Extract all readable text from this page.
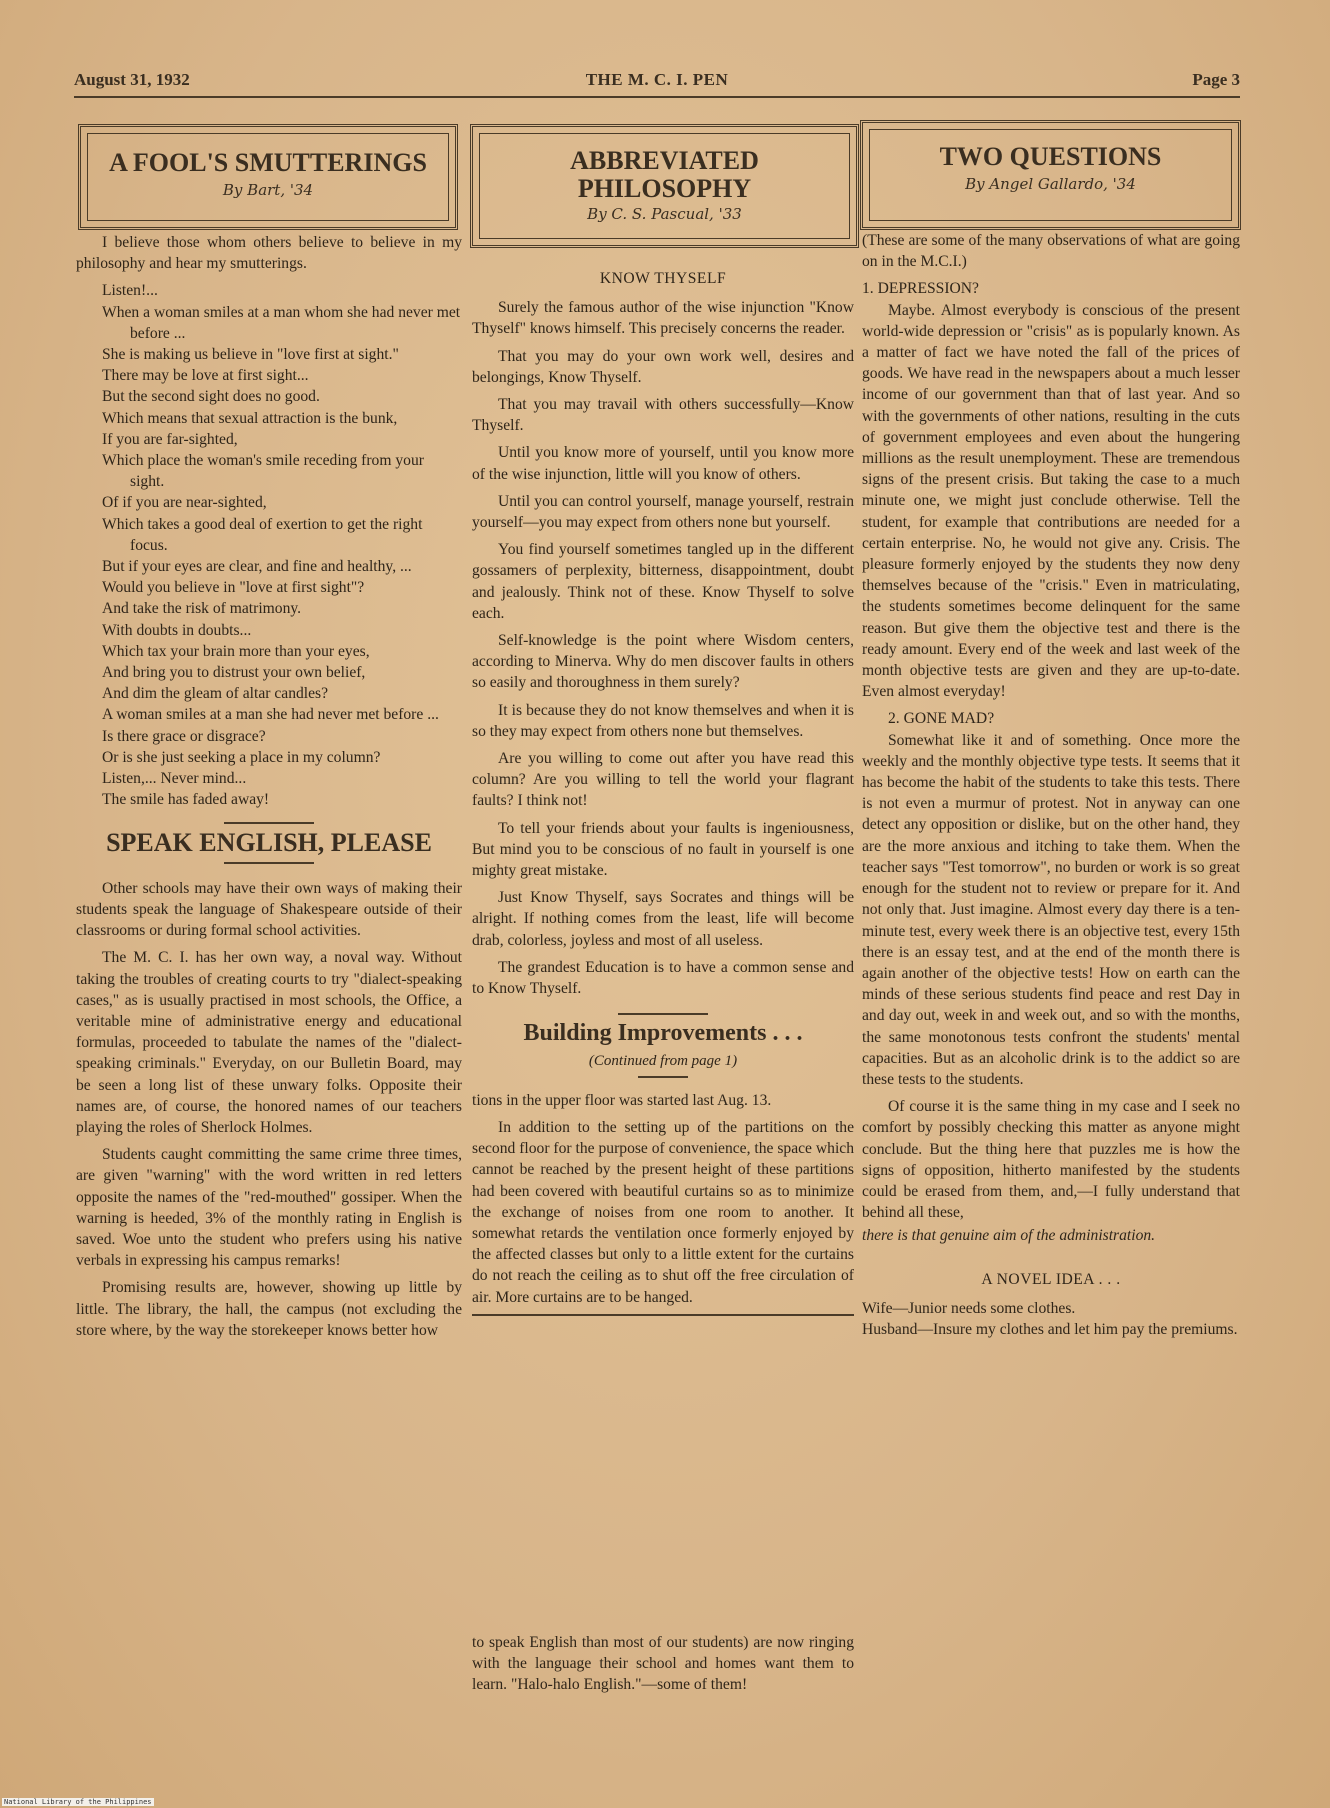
August 31, 1932	THE M. C. I. PEN	Page 3
A FOOL'S SMUTTERINGS
By Bart, '34

I believe those whom others believe to believe in my philosophy and hear my smutterings.

Listen!...

When a woman smiles at a man whom she had never met before ...

She is making us believe in "love first at sight."

There may be love at first sight...

But the second sight does no good.

Which means that sexual attraction is the bunk,

If you are far-sighted,

Which place the woman's smile receding from your sight.

Of if you are near-sighted,

Which takes a good deal of exertion to get the right focus.

But if your eyes are clear, and fine and healthy, ...

Would you believe in "love at first sight"?

And take the risk of matrimony.

With doubts in doubts...

Which tax your brain more than your eyes,

And bring you to distrust your own belief,

And dim the gleam of altar candles?

A woman smiles at a man she had never met before ...

Is there grace or disgrace?

Or is she just seeking a place in my column?

Listen,... Never mind...

The smile has faded away!

SPEAK ENGLISH, PLEASE

Other schools may have their own ways of making their students speak the language of Shakespeare outside of their classrooms or during formal school activities.

The M. C. I. has her own way, a noval way. Without taking the troubles of creating courts to try "dialect-speaking cases," as is usually practised in most schools, the Office, a veritable mine of administrative energy and educational formulas, proceeded to tabulate the names of the "dialect-speaking criminals." Everyday, on our Bulletin Board, may be seen a long list of these unwary folks. Opposite their names are, of course, the honored names of our teachers playing the roles of Sherlock Holmes.

Students caught committing the same crime three times, are given "warning" with the word written in red letters opposite the names of the "red-mouthed" gossiper. When the warning is heeded, 3% of the monthly rating in English is saved. Woe unto the student who prefers using his native verbals in expressing his campus remarks!

Promising results are, however, showing up little by little. The library, the hall, the campus (not excluding the store where, by the way the storekeeper knows better how

ABBREVIATED
PHILOSOPHY
By C. S. Pascual, '33
KNOW THYSELF

Surely the famous author of the wise injunction "Know Thyself" knows himself. This precisely concerns the reader.

That you may do your own work well, desires and belongings, Know Thyself.

That you may travail with others successfully—Know Thyself.

Until you know more of yourself, until you know more of the wise injunction, little will you know of others.

Until you can control yourself, manage yourself, restrain yourself—you may expect from others none but yourself.

You find yourself sometimes tangled up in the different gossamers of perplexity, bitterness, disappointment, doubt and jealously. Think not of these. Know Thyself to solve each.

Self-knowledge is the point where Wisdom centers, according to Minerva. Why do men discover faults in others so easily and thoroughness in them surely?

It is because they do not know themselves and when it is so they may expect from others none but themselves.

Are you willing to come out after you have read this column? Are you willing to tell the world your flagrant faults? I think not!

To tell your friends about your faults is ingeniousness, But mind you to be conscious of no fault in yourself is one mighty great mistake.

Just Know Thyself, says Socrates and things will be alright. If nothing comes from the least, life will become drab, colorless, joyless and most of all useless.

The grandest Education is to have a common sense and to Know Thyself.

Building Improvements . . .
(Continued from page 1)

tions in the upper floor was started last Aug. 13.

In addition to the setting up of the partitions on the second floor for the purpose of convenience, the space which cannot be reached by the present height of these partitions had been covered with beautiful curtains so as to minimize the exchange of noises from one room to another. It somewhat retards the ventilation once formerly enjoyed by the affected classes but only to a little extent for the curtains do not reach the ceiling as to shut off the free circulation of air. More curtains are to be hanged.

to speak English than most of our students) are now ringing with the language their school and homes want them to learn. "Halo-halo English."—some of them!

TWO QUESTIONS
By Angel Gallardo, '34

(These are some of the many observations of what are going on in the M.C.I.)

1. DEPRESSION?

Maybe. Almost everybody is conscious of the present world-wide depression or "crisis" as is popularly known. As a matter of fact we have noted the fall of the prices of goods. We have read in the newspapers about a much lesser income of our government than that of last year. And so with the governments of other nations, resulting in the cuts of government employees and even about the hungering millions as the result unemployment. These are tremendous signs of the present crisis. But taking the case to a much minute one, we might just conclude otherwise. Tell the student, for example that contributions are needed for a certain enterprise. No, he would not give any. Crisis. The pleasure formerly enjoyed by the students they now deny themselves because of the "crisis." Even in matriculating, the students sometimes become delinquent for the same reason. But give them the objective test and there is the ready amount. Every end of the week and last week of the month objective tests are given and they are up-to-date. Even almost everyday!

2. GONE MAD?

Somewhat like it and of something. Once more the weekly and the monthly objective type tests. It seems that it has become the habit of the students to take this tests. There is not even a murmur of protest. Not in anyway can one detect any opposition or dislike, but on the other hand, they are the more anxious and itching to take them. When the teacher says "Test tomorrow", no burden or work is so great enough for the student not to review or prepare for it. And not only that. Just imagine. Almost every day there is a ten-minute test, every week there is an objective test, every 15th there is an essay test, and at the end of the month there is again another of the objective tests! How on earth can the minds of these serious students find peace and rest Day in and day out, week in and week out, and so with the months, the same monotonous tests confront the students' mental capacities. But as an alcoholic drink is to the addict so are these tests to the students.

Of course it is the same thing in my case and I seek no comfort by possibly checking this matter as anyone might conclude. But the thing here that puzzles me is how the signs of opposition, hitherto manifested by the students could be erased from them, and,—I fully understand that behind all these,

there is that genuine aim of the administration.

A NOVEL IDEA . . .

Wife—Junior needs some clothes.

Husband—Insure my clothes and let him pay the premiums.

National Library of the Philippines
